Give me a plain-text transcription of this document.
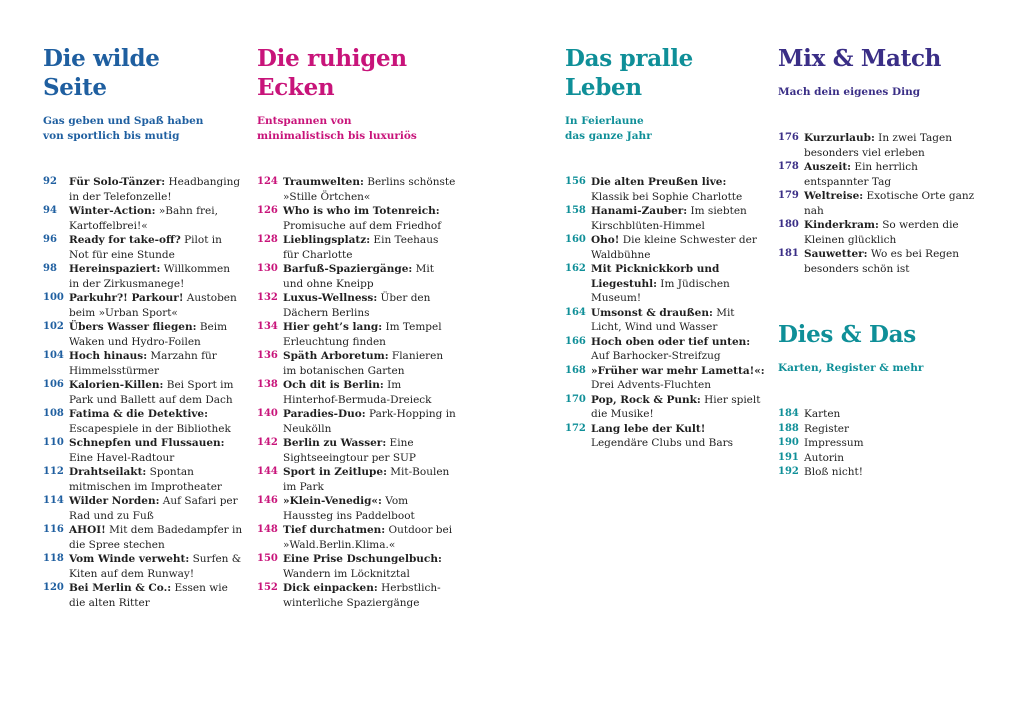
Die wilde
Seite

Gas geben und Spaß haben
von sportlich bis mutig

92	Für Solo-Tänzer: Headbanging in der Telefonzelle!
94	Winter-Action: »Bahn frei, Kartoffelbrei!«
96	Ready for take-off? Pilot in Not für eine Stunde
98	Hereinspaziert: Willkommen in der Zirkusmanege!
100 Parkuhr?! Parkour! Austoben beim »Urban Sport«
102 Übers Wasser fliegen: Beim Waken und Hydro-Foilen
104 Hoch hinaus: Marzahn für Himmelsstürmer
106 Kalorien-Killen: Bei Sport im Park und Ballett auf dem Dach
108 Fatima & die Detektive: Escapespiele in der Bibliothek
110 Schnepfen und Flussauen: Eine Havel-Radtour
112 Drahtseilakt: Spontan mitmischen im Improtheater
114 Wilder Norden: Auf Safari per Rad und zu Fuß
116 AHOI! Mit dem Badedampfer in die Spree stechen
118 Vom Winde verweht: Surfen & Kiten auf dem Runway!
120 Bei Merlin & Co.: Essen wie die alten Ritter
Die ruhigen
Ecken

Entspannen von
minimalistisch bis luxuriös

124 Traumwelten: Berlins schönste »Stille Örtchen«
126 Who is who im Totenreich: Promisuche auf dem Friedhof
128 Lieblingsplatz: Ein Teehaus für Charlotte
130 Barfuß-Spaziergänge: Mit und ohne Kneipp
132 Luxus-Wellness: Über den Dächern Berlins
134 Hier geht’s lang: Im Tempel Erleuchtung finden
136 Späth Arboretum: Flanieren im botanischen Garten
138 Och dit is Berlin: Im Hinterhof-Bermuda-Dreieck
140 Paradies-Duo: Park-Hopping in Neukölln
142 Berlin zu Wasser: Eine Sightseeingtour per SUP
144 Sport in Zeitlupe: Mit-Boulen im Park
146 »Klein-Venedig«: Vom Haussteg ins Paddelboot
148 Tief durchatmen: Outdoor bei »Wald.Berlin.Klima.«
150 Eine Prise Dschungelbuch: Wandern im Löcknitztal
152 Dick einpacken: Herbstlich-winterliche Spaziergänge
Das pralle
Leben

In Feierlaune
das ganze Jahr

156 Die alten Preußen live: Klassik bei Sophie Charlotte
158 Hanami-Zauber: Im siebten Kirschblüten-Himmel
160 Oho! Die kleine Schwester der Waldbühne
162 Mit Picknickkorb und Liegestuhl: Im Jüdischen Museum!
164 Umsonst & draußen: Mit Licht, Wind und Wasser
166 Hoch oben oder tief unten: Auf Barhocker-Streifzug
168 »Früher war mehr Lametta!«: Drei Advents-Fluchten
170 Pop, Rock & Punk: Hier spielt die Musike!
172 Lang lebe der Kult! Legendäre Clubs und Bars
Mix & Match

Mach dein eigenes Ding

176 Kurzurlaub: In zwei Tagen besonders viel erleben
178 Auszeit: Ein herrlich entspannter Tag
179 Weltreise: Exotische Orte ganz nah
180 Kinderkram: So werden die Kleinen glücklich
181 Sauwetter: Wo es bei Regen besonders schön ist
Dies & Das

Karten, Register & mehr

184 Karten
188 Register
190 Impressum
191 Autorin
192 Bloß nicht!
